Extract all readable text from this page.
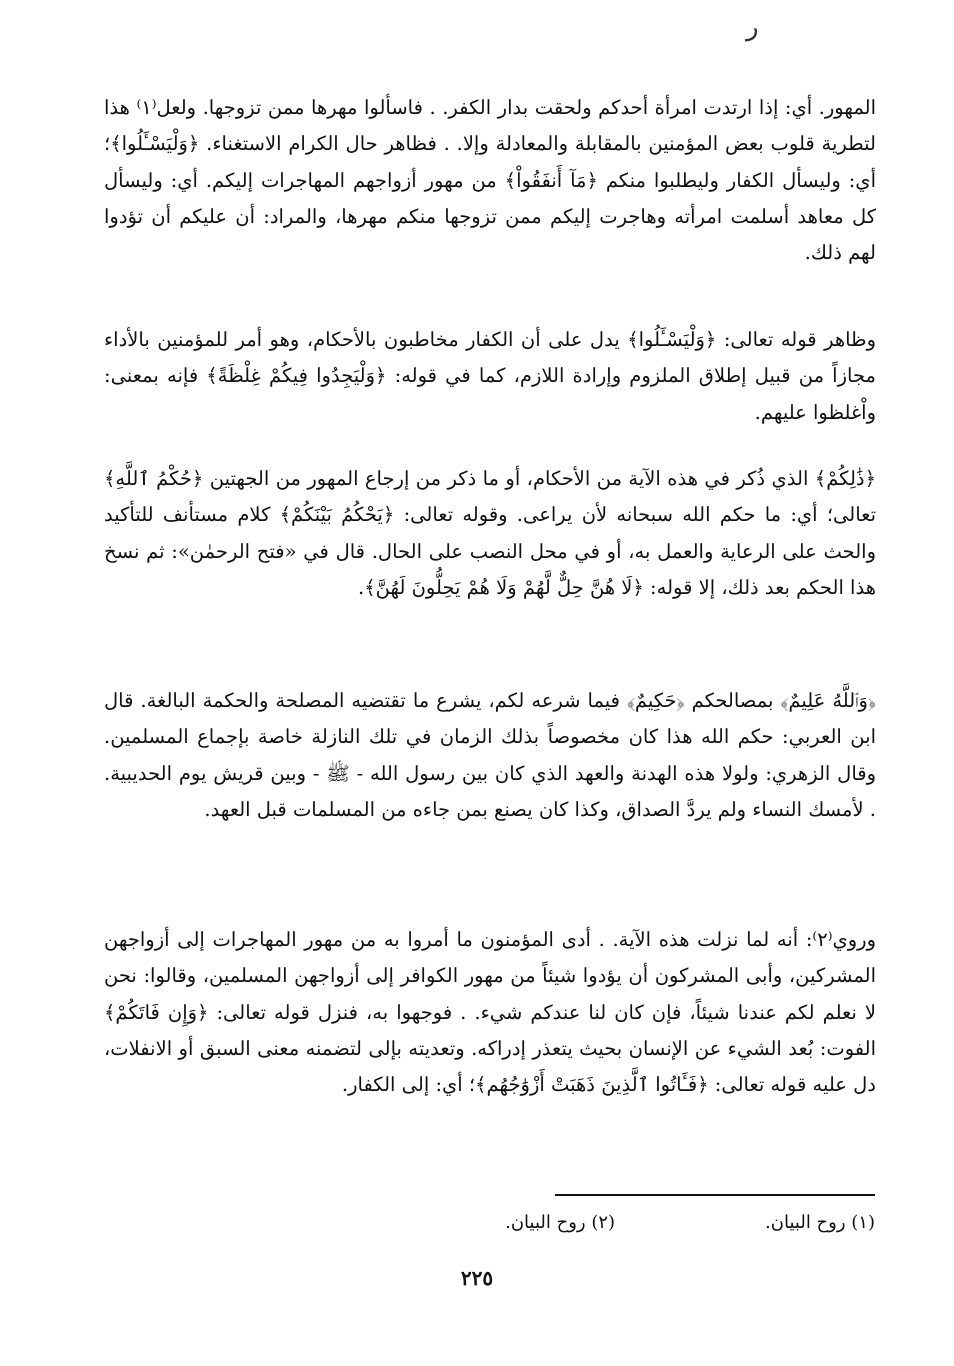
ر

المهور. أي: إذا ارتدت امرأة أحدكم ولحقت بدار الكفر. . فاسألوا مهرها ممن تزوجها. ولعل⁽١⁾ هذا لتطرية قلوب بعض المؤمنين بالمقابلة والمعادلة وإلا. . فظاهر حال الكرام الاستغناء. ﴿وَلْيَسْـَٔلُوا﴾؛ أي: وليسأل الكفار وليطلبوا منكم ﴿مَآ أَنفَقُواْ﴾ من مهور أزواجهم المهاجرات إليكم. أي: وليسأل كل معاهد أسلمت امرأته وهاجرت إليكم ممن تزوجها منكم مهرها، والمراد: أن عليكم أن تؤدوا لهم ذلك.

وظاهر قوله تعالى: ﴿وَلْيَسْـَٔلُوا﴾ يدل على أن الكفار مخاطبون بالأحكام، وهو أمر للمؤمنين بالأداء مجازاً من قبيل إطلاق الملزوم وإرادة اللازم، كما في قوله: ﴿وَلْيَجِدُوا فِيكُمْ غِلْظَةً﴾ فإنه بمعنى: واْغلظوا عليهم.

﴿ذَٰلِكُمْ﴾ الذي ذُكر في هذه الآية من الأحكام، أو ما ذكر من إرجاع المهور من الجهتين ﴿حُكْمُ ٱللَّهِ﴾ تعالى؛ أي: ما حكم الله سبحانه لأن يراعى. وقوله تعالى: ﴿يَحْكُمُ بَيْنَكُمْ﴾ كلام مستأنف للتأكيد والحث على الرعاية والعمل به، أو في محل النصب على الحال. قال في «فتح الرحمٰن»: ثم نسخ هذا الحكم بعد ذلك، إلا قوله: ﴿لَا هُنَّ حِلٌّ لَّهُمْ وَلَا هُمْ يَحِلُّونَ لَهُنَّ﴾.

﴿وَٱللَّهُ عَلِيمٌ﴾ بمصالحكم ﴿حَكِيمٌ﴾ فيما شرعه لكم، يشرع ما تقتضيه المصلحة والحكمة البالغة. قال ابن العربي: حكم الله هذا كان مخصوصاً بذلك الزمان في تلك النازلة خاصة بإجماع المسلمين. وقال الزهري: ولولا هذه الهدنة والعهد الذي كان بين رسول الله - ﷺ - وبين قريش يوم الحديبية. . لأمسك النساء ولم يردَّ الصداق، وكذا كان يصنع بمن جاءه من المسلمات قبل العهد.

وروي⁽٢⁾: أنه لما نزلت هذه الآية. . أدى المؤمنون ما أمروا به من مهور المهاجرات إلى أزواجهن المشركين، وأبى المشركون أن يؤدوا شيئاً من مهور الكوافر إلى أزواجهن المسلمين، وقالوا: نحن لا نعلم لكم عندنا شيئاً، فإن كان لنا عندكم شيء. . فوجهوا به، فنزل قوله تعالى: ﴿وَإِن فَاتَكُمْ﴾ الفوت: بُعد الشيء عن الإنسان بحيث يتعذر إدراكه. وتعديته بإلى لتضمنه معنى السبق أو الانفلات، دل عليه قوله تعالى: ﴿فَـَٔاتُوا ٱلَّذِينَ ذَهَبَتْ أَزْوَٰجُهُم﴾؛ أي: إلى الكفار.

(١) روح البيان.
(٢) روح البيان.
٢٢٥
